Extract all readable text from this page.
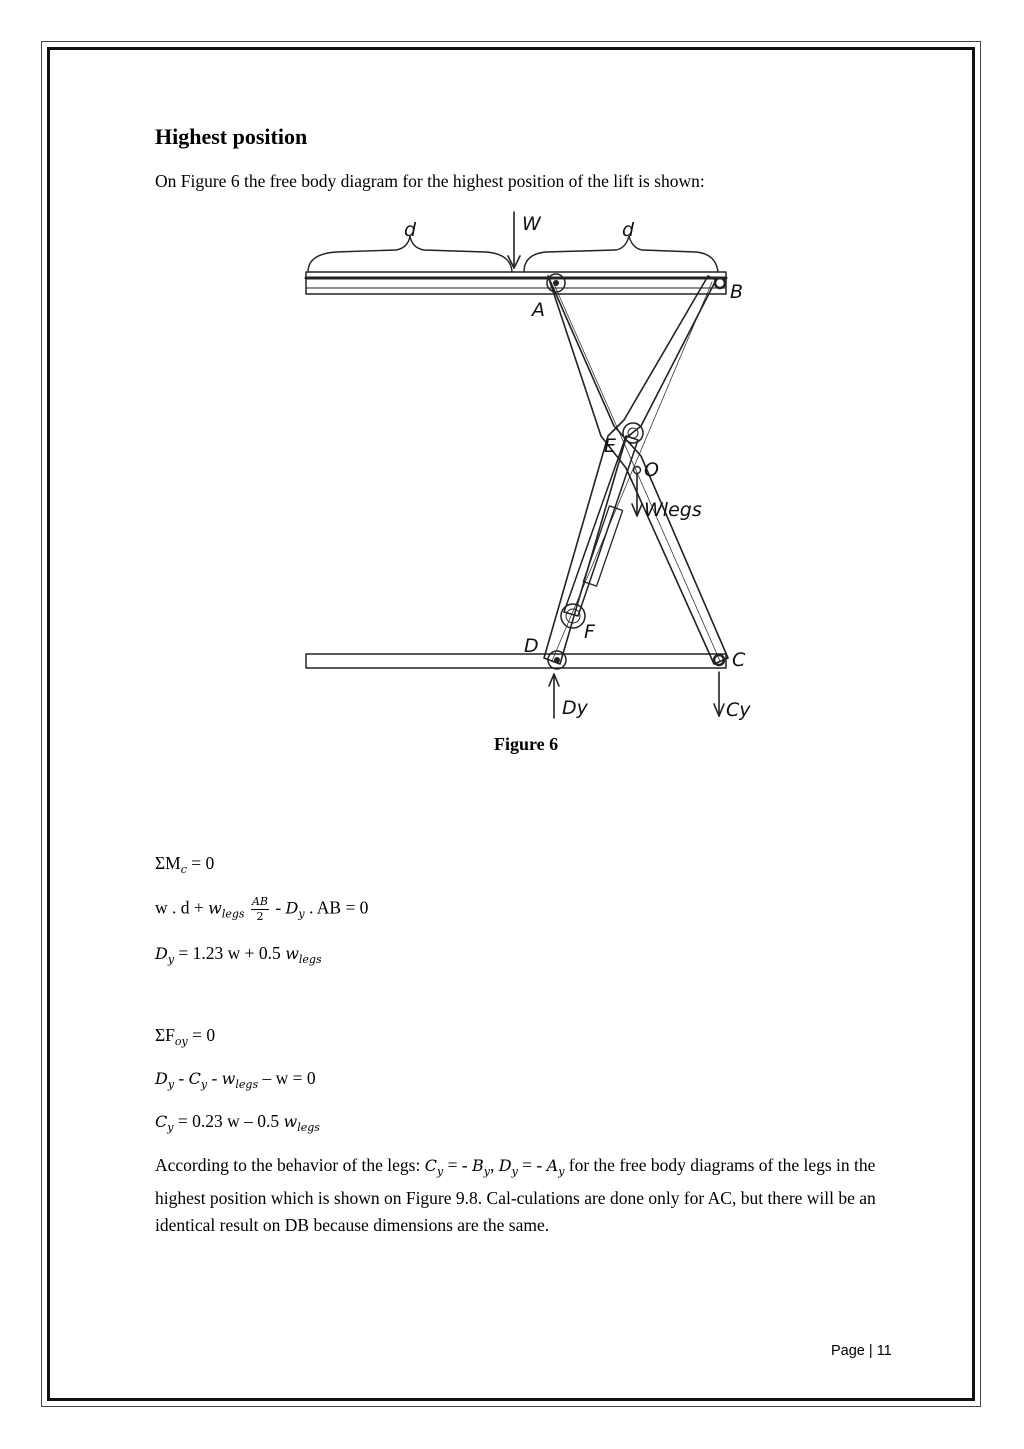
Highest position
On Figure 6 the free body diagram for the highest position of the lift is shown:
d	d
W
A
B
C
D
E
F
O
Wlegs
Dy	Cy
Figure 6
$\Sigma M_c = 0$
w . $d + w_{legs} \frac{AB}{2} - D_y$ . AB = 0
$D_y = 1.23$ w + 0.5 $w_{legs}$
$\Sigma F_{oy} = 0$
$D_y - C_y - w_{legs} - w = 0$
$C_y = 0.23$ w – 0.5 $w_{legs}$
According to the behavior of the legs: $C_y$ = - $B_y$, $D_y$ = - $A_y$ for the free body diagrams of the legs in the highest position which is shown on Figure 9.8. Cal-culations are done only for AC, but there will be an identical result on DB because dimensions are the same.
Page | 11
